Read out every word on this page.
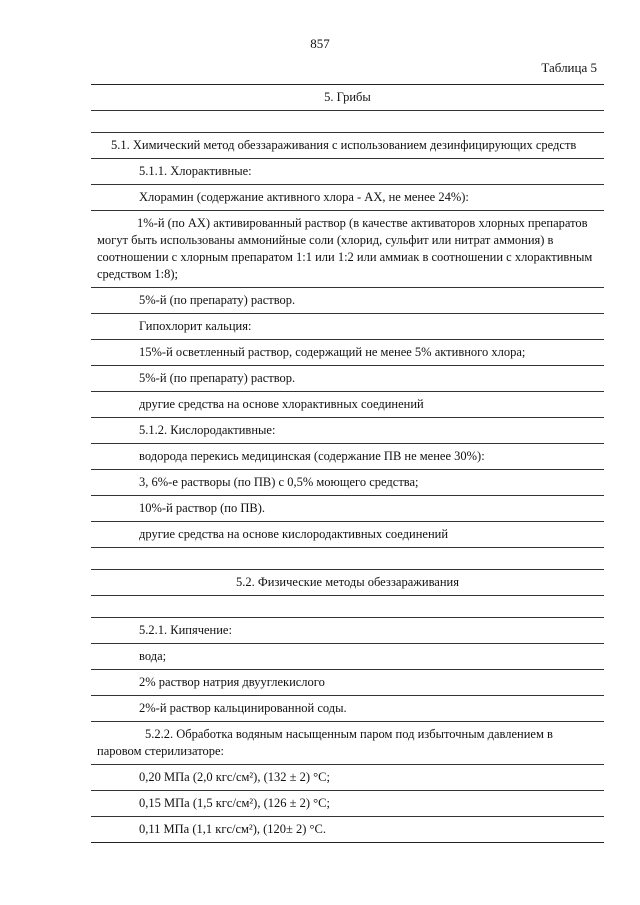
857
Таблица 5
5. Грибы
5.1. Химический метод обеззараживания с использованием дезинфицирующих средств
5.1.1. Хлорактивные:
Хлорамин (содержание активного хлора - АХ, не менее 24%):
1%-й (по АХ) активированный раствор (в качестве активаторов хлорных препаратов могут быть использованы аммонийные соли (хлорид, сульфит или нитрат аммония) в соотношении с хлорным препаратом 1:1 или 1:2 или аммиак в соотношении с хлорактивным средством 1:8);
5%-й (по препарату) раствор.
Гипохлорит кальция:
15%-й осветленный раствор, содержащий не менее 5% активного хлора;
5%-й (по препарату) раствор.
другие средства на основе хлорактивных соединений
5.1.2. Кислородактивные:
водорода перекись медицинская (содержание ПВ не менее 30%):
3, 6%-е растворы (по ПВ) с 0,5% моющего средства;
10%-й раствор (по ПВ).
другие средства на основе кислородактивных соединений
5.2. Физические методы обеззараживания
5.2.1. Кипячение:
вода;
2% раствор натрия двууглекислого
2%-й раствор кальцинированной соды.
5.2.2. Обработка водяным насыщенным паром под избыточным давлением в паровом стерилизаторе:
0,20 МПа (2,0 кгс/см²), (132 ± 2) °С;
0,15 МПа (1,5 кгс/см²), (126 ± 2) °С;
0,11 МПа (1,1 кгс/см²), (120± 2) °С.
